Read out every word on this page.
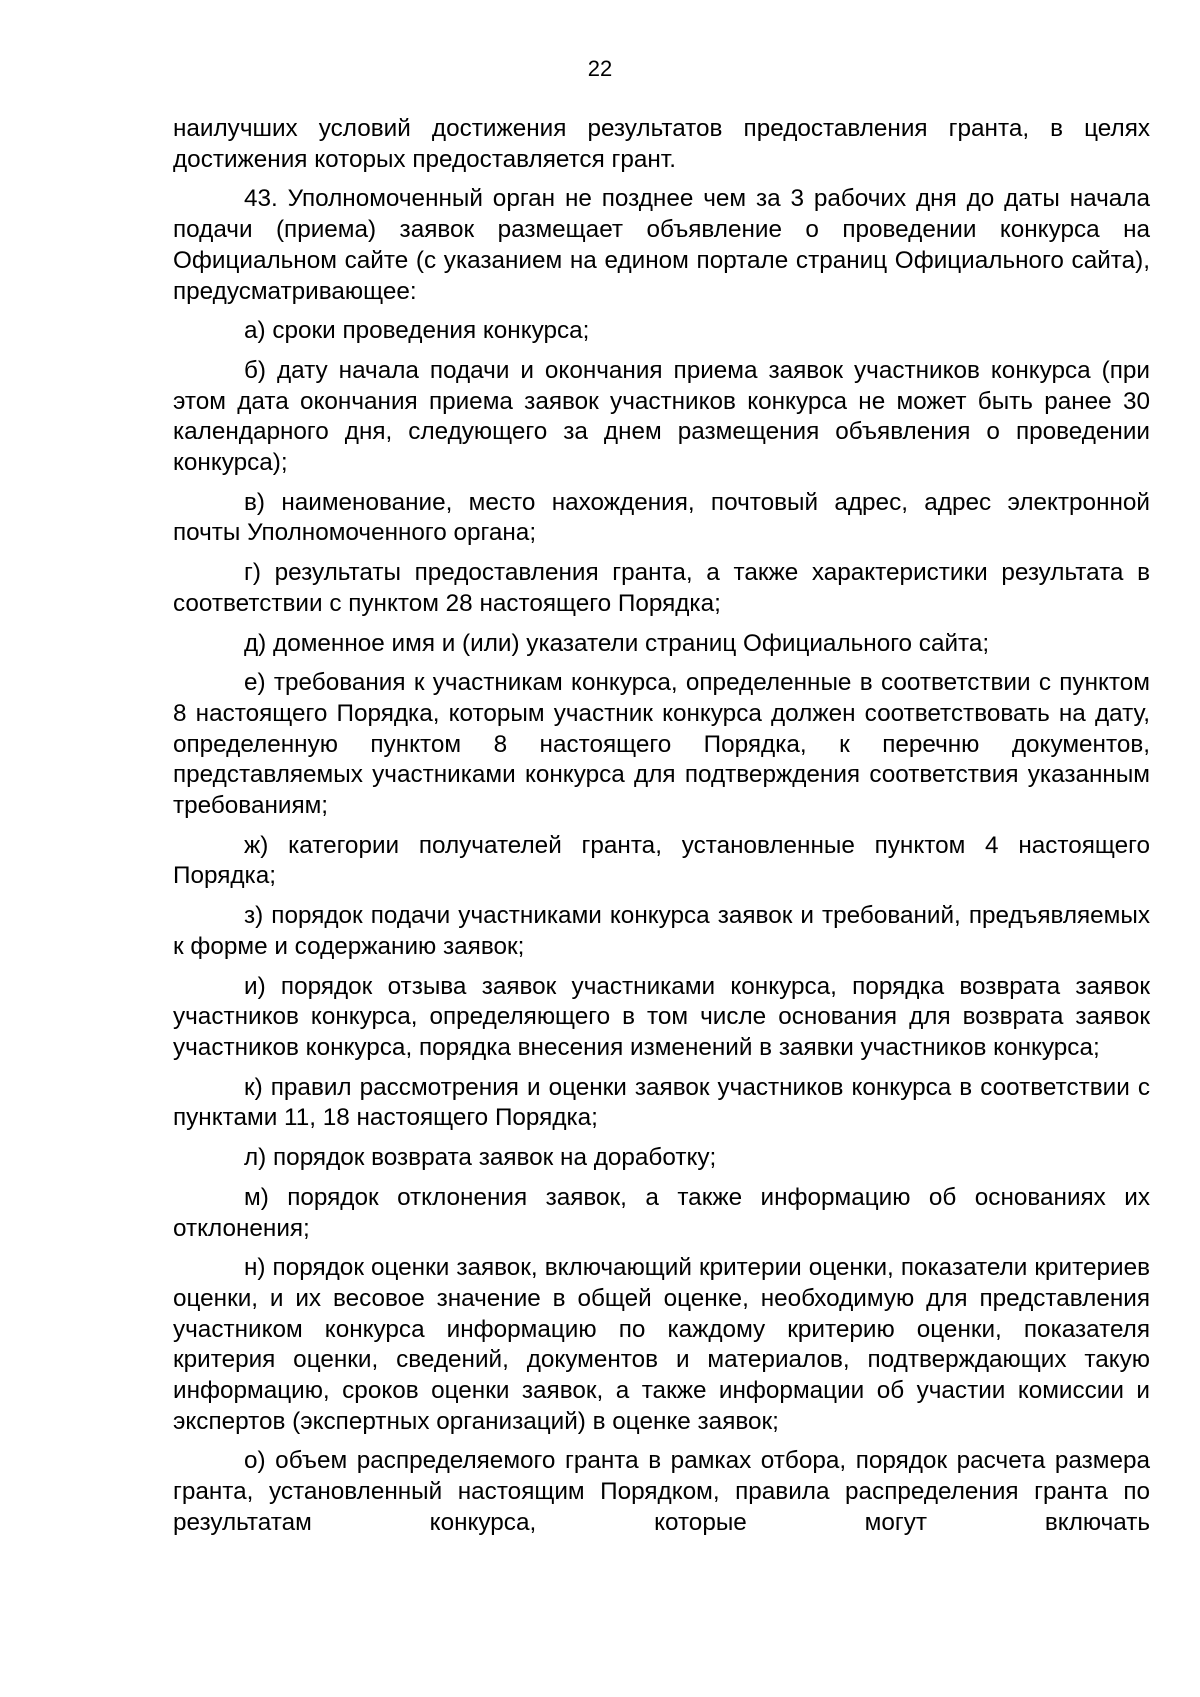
22

наилучших условий достижения результатов предоставления гранта, в целях достижения которых предоставляется грант.

43. Уполномоченный орган не позднее чем за 3 рабочих дня до даты начала подачи (приема) заявок размещает объявление о проведении конкурса на Официальном сайте (с указанием на едином портале страниц Официального сайта), предусматривающее:

а) сроки проведения конкурса;

б) дату начала подачи и окончания приема заявок участников конкурса (при этом дата окончания приема заявок участников конкурса не может быть ранее 30 календарного дня, следующего за днем размещения объявления о проведении конкурса);

в) наименование, место нахождения, почтовый адрес, адрес электронной почты Уполномоченного органа;

г) результаты предоставления гранта, а также характеристики результата в соответствии с пунктом 28 настоящего Порядка;

д) доменное имя и (или) указатели страниц Официального сайта;

е) требования к участникам конкурса, определенные в соответствии с пунктом 8 настоящего Порядка, которым участник конкурса должен соответствовать на дату, определенную пунктом 8 настоящего Порядка, к перечню документов, представляемых участниками конкурса для подтверждения соответствия указанным требованиям;

ж) категории получателей гранта, установленные пунктом 4 настоящего Порядка;

з) порядок подачи участниками конкурса заявок и требований, предъявляемых к форме и содержанию заявок;

и) порядок отзыва заявок участниками конкурса, порядка возврата заявок участников конкурса, определяющего в том числе основания для возврата заявок участников конкурса, порядка внесения изменений в заявки участников конкурса;

к) правил рассмотрения и оценки заявок участников конкурса в соответствии с пунктами 11, 18 настоящего Порядка;

л) порядок возврата заявок на доработку;

м) порядок отклонения заявок, а также информацию об основаниях их отклонения;

н) порядок оценки заявок, включающий критерии оценки, показатели критериев оценки, и их весовое значение в общей оценке, необходимую для представления участником конкурса информацию по каждому критерию оценки, показателя критерия оценки, сведений, документов и материалов, подтверждающих такую информацию, сроков оценки заявок, а также информации об участии комиссии и экспертов (экспертных организаций) в оценке заявок;

о) объем распределяемого гранта в рамках отбора, порядок расчета размера гранта, установленный настоящим Порядком, правила распределения гранта по результатам конкурса, которые могут включать
